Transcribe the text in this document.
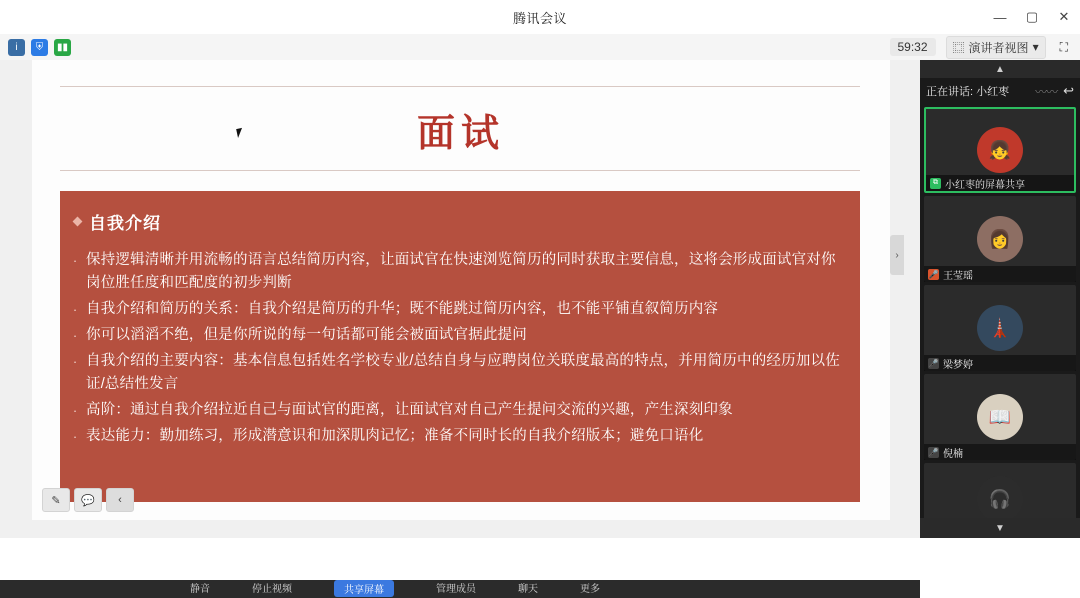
腾讯会议	—	▢	✕
i	⛨	▮▮	59:32	⿴ 演讲者视图 ▾	⛶
面试
自我介绍
· 保持逻辑清晰并用流畅的语言总结简历内容，让面试官在快速浏览简历的同时获取主要信息，这将会形成面试官对你岗位胜任度和匹配度的初步判断
· 自我介绍和简历的关系：自我介绍是简历的升华；既不能跳过简历内容，也不能平铺直叙简历内容
· 你可以滔滔不绝，但是你所说的每一句话都可能会被面试官据此提问
· 自我介绍的主要内容：基本信息包括姓名学校专业/总结自身与应聘岗位关联度最高的特点，并用简历中的经历加以佐证/总结性发言
· 高阶：通过自我介绍拉近自己与面试官的距离，让面试官对自己产生提问交流的兴趣，产生深刻印象
· 表达能力：勤加练习，形成潜意识和加深肌肉记忆；准备不同时长的自我介绍版本；避免口语化
✎	💬	‹
›
▲
正在讲话: 小红枣 〰〰 ↩
👧
⧉ 小红枣的屏幕共享
👩
🎤 王莹瑶
🗼
🎤 梁梦婷
📖
🎤 倪楠
🎧
▼
静音	停止视频	共享屏幕	管理成员	聊天	更多
